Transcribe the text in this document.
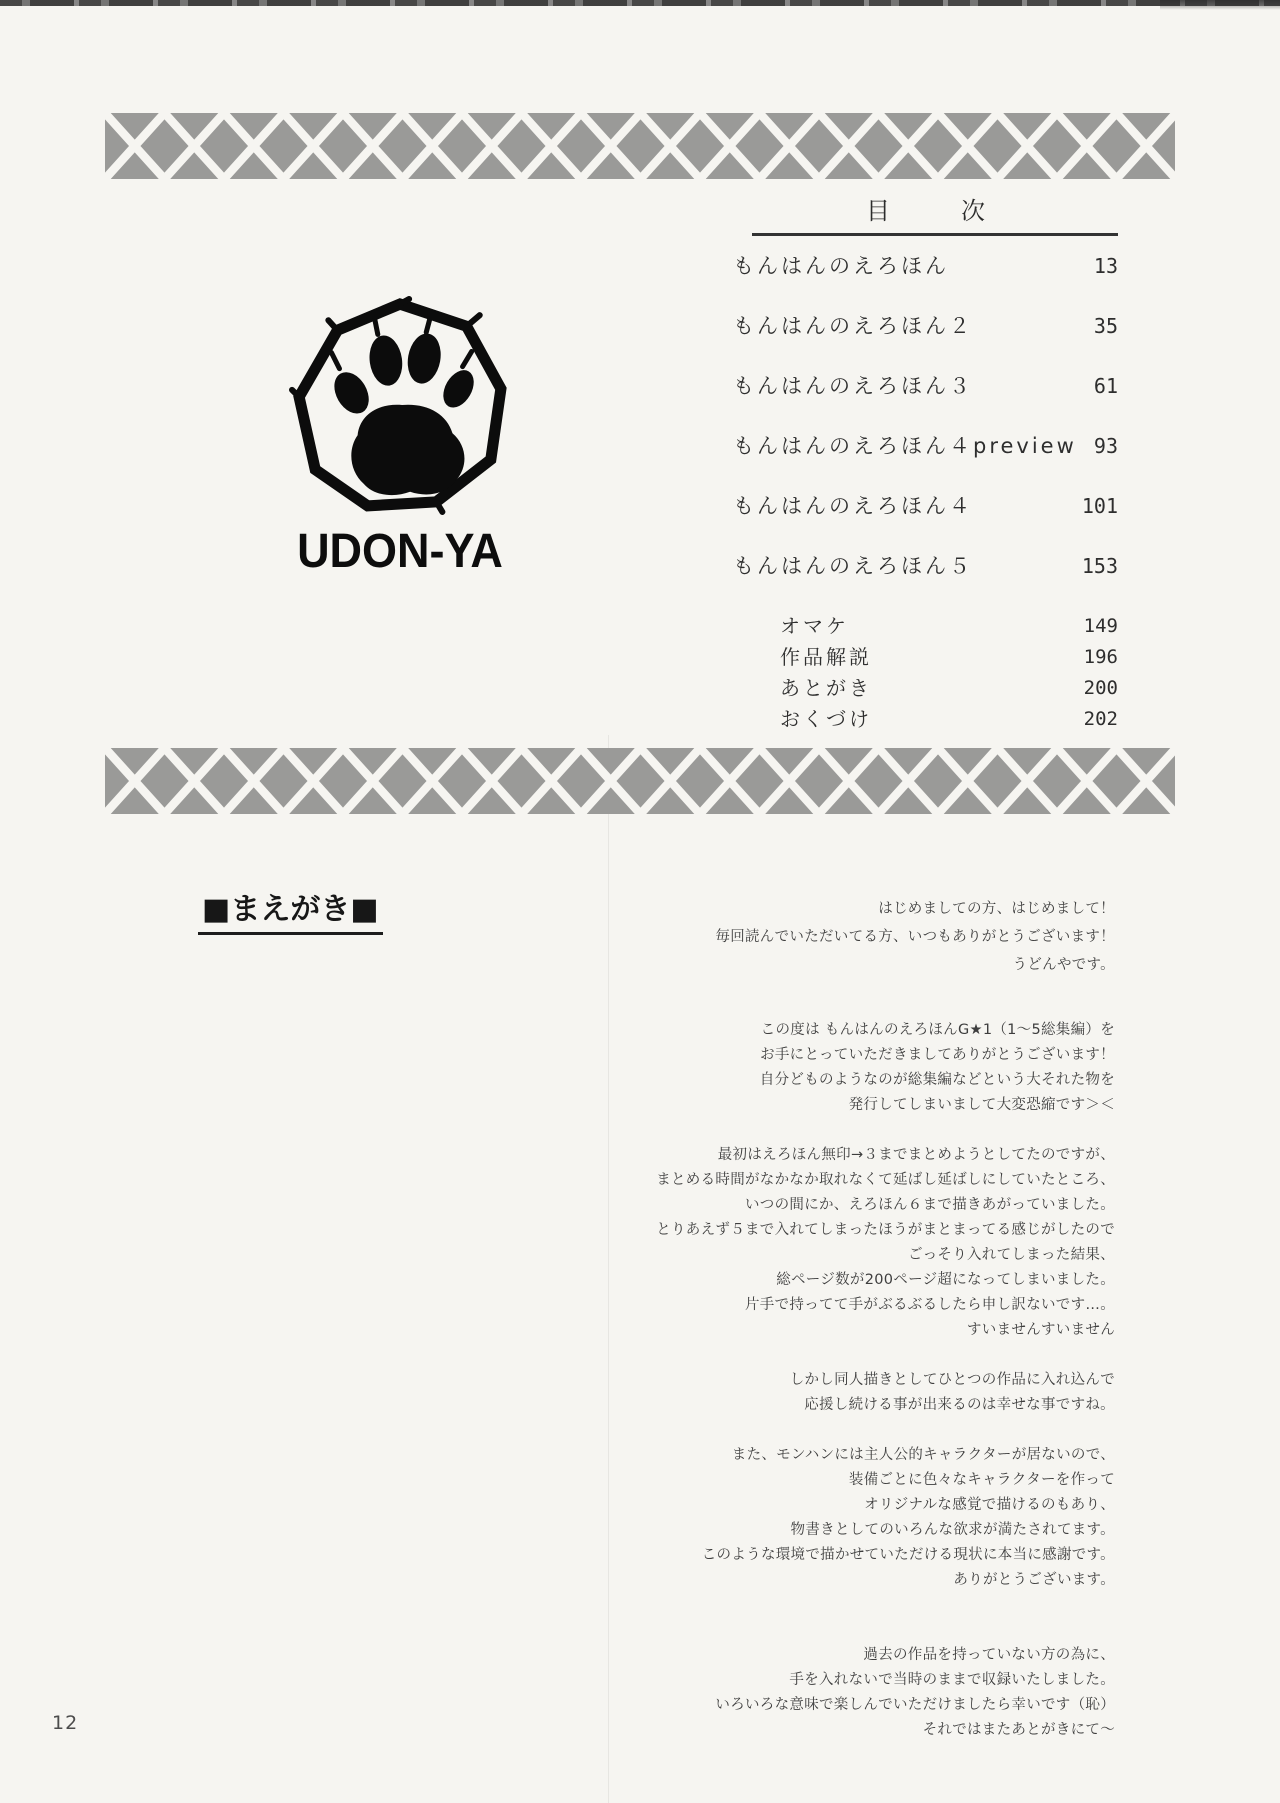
UDON-YA
目次
もんはんのえろほん	13
もんはんのえろほん２	35
もんはんのえろほん３	61
もんはんのえろほん４preview 93
もんはんのえろほん４	101
もんはんのえろほん５	153
オマケ	149
作品解説	196
あとがき	200
おくづけ	202
■まえがき■	はじめましての方、はじめまして！
毎回読んでいただいてる方、いつもありがとうございます！
うどんやです。
この度は もんはんのえろほんG★1（1〜5総集編）を
お手にとっていただきましてありがとうございます！
自分どものようなのが総集編などという大それた物を
発行してしまいまして大変恐縮です＞＜
最初はえろほん無印→３までまとめようとしてたのですが、
まとめる時間がなかなか取れなくて延ばし延ばしにしていたところ、
いつの間にか、えろほん６まで描きあがっていました。
とりあえず５まで入れてしまったほうがまとまってる感じがしたので
ごっそり入れてしまった結果、
総ページ数が200ページ超になってしまいました。
片手で持ってて手がぶるぶるしたら申し訳ないです…。
すいませんすいません
しかし同人描きとしてひとつの作品に入れ込んで
応援し続ける事が出来るのは幸せな事ですね。
また、モンハンには主人公的キャラクターが居ないので、
装備ごとに色々なキャラクターを作って
オリジナルな感覚で描けるのもあり、
物書きとしてのいろんな欲求が満たされてます。
このような環境で描かせていただける現状に本当に感謝です。
ありがとうございます。
過去の作品を持っていない方の為に、
手を入れないで当時のままで収録いたしました。
いろいろな意味で楽しんでいただけましたら幸いです（恥）
それではまたあとがきにて〜
12
